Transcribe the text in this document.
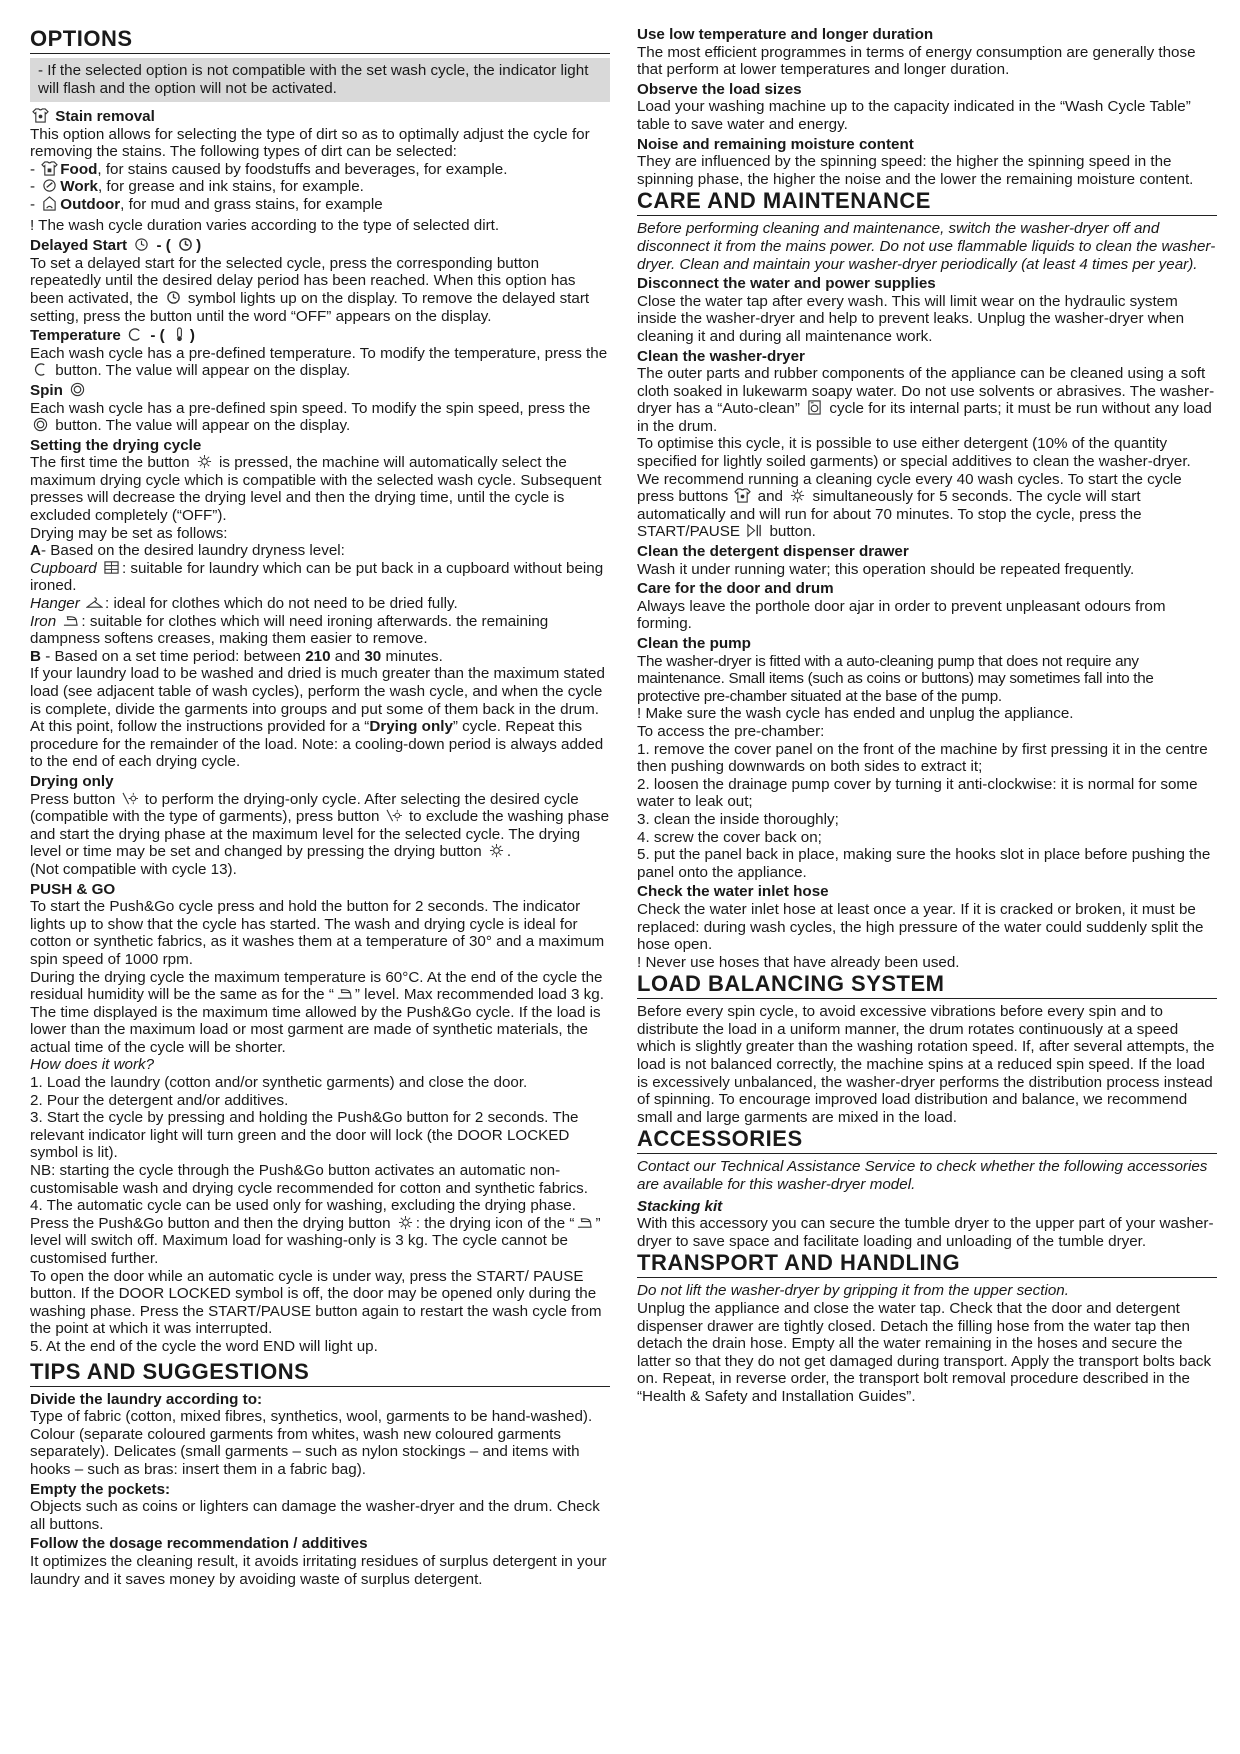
OPTIONS
- If the selected option is not compatible with the set wash cycle, the indicator light will flash and the option will not be activated.

Stain removal

This option allows for selecting the type of dirt so as to optimally adjust the cycle for removing the stains. The following types of dirt can be selected:

-
Food, for stains caused by foodstuffs and beverages, for example.

-
Work, for grease and ink stains, for example.

-
Outdoor, for mud and grass stains, for example

! The wash cycle duration varies according to the type of selected dirt.

Delayed Start
- (
)

To set a delayed start for the selected cycle, press the corresponding button repeatedly until the desired delay period has been reached. When this option has been activated, the symbol lights up on the display. To remove the delayed start setting, press the button until the word “OFF” appears on the display.

Temperature
- (
)

Each wash cycle has a pre-defined temperature. To modify the temperature, press the
button. The value will appear on the display.

Spin

Each wash cycle has a pre-defined spin speed. To modify the spin speed, press the
button. The value will appear on the display.

Setting the drying cycle

The first time the button is pressed, the machine will automatically select the maximum drying cycle which is compatible with the selected wash cycle. Subsequent presses will decrease the drying level and then the drying time, until the cycle is excluded completely (“OFF”).

Drying may be set as follows:

A- Based on the desired laundry dryness level:

Cupboard : suitable for laundry which can be put back in a cupboard without being ironed.

Hanger : ideal for clothes which do not need to be dried fully.

Iron : suitable for clothes which will need ironing afterwards. the remaining dampness softens creases, making them easier to remove.

B - Based on a set time period: between 210 and 30 minutes.

If your laundry load to be washed and dried is much greater than the maximum stated load (see adjacent table of wash cycles), perform the wash cycle, and when the cycle is complete, divide the garments into groups and put some of them back in the drum. At this point, follow the instructions provided for a “Drying only” cycle. Repeat this procedure for the remainder of the load. Note: a cooling-down period is always added to the end of each drying cycle.

Drying only

Press button to perform the drying-only cycle. After selecting the desired cycle (compatible with the type of garments), press button to exclude the washing phase and start the drying phase at the maximum level for the selected cycle. The drying level or time may be set and changed by pressing the drying button .

(Not compatible with cycle 13).

PUSH & GO

To start the Push&Go cycle press and hold the button for 2 seconds. The indicator lights up to show that the cycle has started. The wash and drying cycle is ideal for cotton or synthetic fabrics, as it washes them at a temperature of 30° and a maximum spin speed of 1000 rpm.

During the drying cycle the maximum temperature is 60°C. At the end of the cycle the residual humidity will be the same as for the “ ” level. Max recommended load 3 kg.

The time displayed is the maximum time allowed by the Push&Go cycle. If the load is lower than the maximum load or most garment are made of synthetic materials, the actual time of the cycle will be shorter.

How does it work?

1. Load the laundry (cotton and/or synthetic garments) and close the door.

2. Pour the detergent and/or additives.

3. Start the cycle by pressing and holding the Push&Go button for 2 seconds. The relevant indicator light will turn green and the door will lock (the DOOR LOCKED symbol is lit).

NB: starting the cycle through the Push&Go button activates an automatic non-customisable wash and drying cycle recommended for cotton and synthetic fabrics.

4. The automatic cycle can be used only for washing, excluding the drying phase. Press the Push&Go button and then the drying button : the drying icon of the “ ” level will switch off. Maximum load for washing-only is 3 kg. The cycle cannot be customised further.

To open the door while an automatic cycle is under way, press the START/ PAUSE button. If the DOOR LOCKED symbol is off, the door may be opened only during the washing phase. Press the START/PAUSE button again to restart the wash cycle from the point at which it was interrupted.

5. At the end of the cycle the word END will light up.

TIPS AND SUGGESTIONS

Divide the laundry according to:

Type of fabric (cotton, mixed fibres, synthetics, wool, garments to be hand-washed). Colour (separate coloured garments from whites, wash new coloured garments separately). Delicates (small garments – such as nylon stockings – and items with hooks – such as bras: insert them in a fabric bag).

Empty the pockets:

Objects such as coins or lighters can damage the washer-dryer and the drum. Check all buttons.

Follow the dosage recommendation / additives

It optimizes the cleaning result, it avoids irritating residues of surplus detergent in your laundry and it saves money by avoiding waste of surplus detergent.

Use low temperature and longer duration

The most efficient programmes in terms of energy consumption are generally those that perform at lower temperatures and longer duration.

Observe the load sizes

Load your washing machine up to the capacity indicated in the “Wash Cycle Table” table to save water and energy.

Noise and remaining moisture content

They are influenced by the spinning speed: the higher the spinning speed in the spinning phase, the higher the noise and the lower the remaining moisture content.

CARE AND MAINTENANCE

Before performing cleaning and maintenance, switch the washer-dryer off and disconnect it from the mains power. Do not use flammable liquids to clean the washer-dryer. Clean and maintain your washer-dryer periodically (at least 4 times per year).

Disconnect the water and power supplies

Close the water tap after every wash. This will limit wear on the hydraulic system inside the washer-dryer and help to prevent leaks. Unplug the washer-dryer when cleaning it and during all maintenance work.

Clean the washer-dryer

The outer parts and rubber components of the appliance can be cleaned using a soft cloth soaked in lukewarm soapy water. Do not use solvents or abrasives. The washer-dryer has a “Auto-clean” cycle for its internal parts; it must be run without any load in the drum.

To optimise this cycle, it is possible to use either detergent (10% of the quantity specified for lightly soiled garments) or special additives to clean the washer-dryer. We recommend running a cleaning cycle every 40 wash cycles. To start the cycle press buttons and simultaneously for 5 seconds. The cycle will start automatically and will run for about 70 minutes. To stop the cycle, press the START/PAUSE button.

Clean the detergent dispenser drawer

Wash it under running water; this operation should be repeated frequently.

Care for the door and drum

Always leave the porthole door ajar in order to prevent unpleasant odours from forming.

Clean the pump

The washer-dryer is fitted with a auto-cleaning pump that does not require any maintenance. Small items (such as coins or buttons) may sometimes fall into the protective pre-chamber situated at the base of the pump.

! Make sure the wash cycle has ended and unplug the appliance.

To access the pre-chamber:

1. remove the cover panel on the front of the machine by first pressing it in the centre then pushing downwards on both sides to extract it;

2. loosen the drainage pump cover by turning it anti-clockwise: it is normal for some water to leak out;

3. clean the inside thoroughly;

4. screw the cover back on;

5. put the panel back in place, making sure the hooks slot in place before pushing the panel onto the appliance.

Check the water inlet hose

Check the water inlet hose at least once a year. If it is cracked or broken, it must be replaced: during wash cycles, the high pressure of the water could suddenly split the hose open.

! Never use hoses that have already been used.

LOAD BALANCING SYSTEM

Before every spin cycle, to avoid excessive vibrations before every spin and to distribute the load in a uniform manner, the drum rotates continuously at a speed which is slightly greater than the washing rotation speed. If, after several attempts, the load is not balanced correctly, the machine spins at a reduced spin speed. If the load is excessively unbalanced, the washer-dryer performs the distribution process instead of spinning. To encourage improved load distribution and balance, we recommend small and large garments are mixed in the load.

ACCESSORIES

Contact our Technical Assistance Service to check whether the following accessories are available for this washer-dryer model.

Stacking kit

With this accessory you can secure the tumble dryer to the upper part of your washer-dryer to save space and facilitate loading and unloading of the tumble dryer.

TRANSPORT AND HANDLING

Do not lift the washer-dryer by gripping it from the upper section.

Unplug the appliance and close the water tap. Check that the door and detergent dispenser drawer are tightly closed. Detach the filling hose from the water tap then detach the drain hose. Empty all the water remaining in the hoses and secure the latter so that they do not get damaged during transport. Apply the transport bolts back on. Repeat, in reverse order, the transport bolt removal procedure described in the “Health & Safety and Installation Guides”.
